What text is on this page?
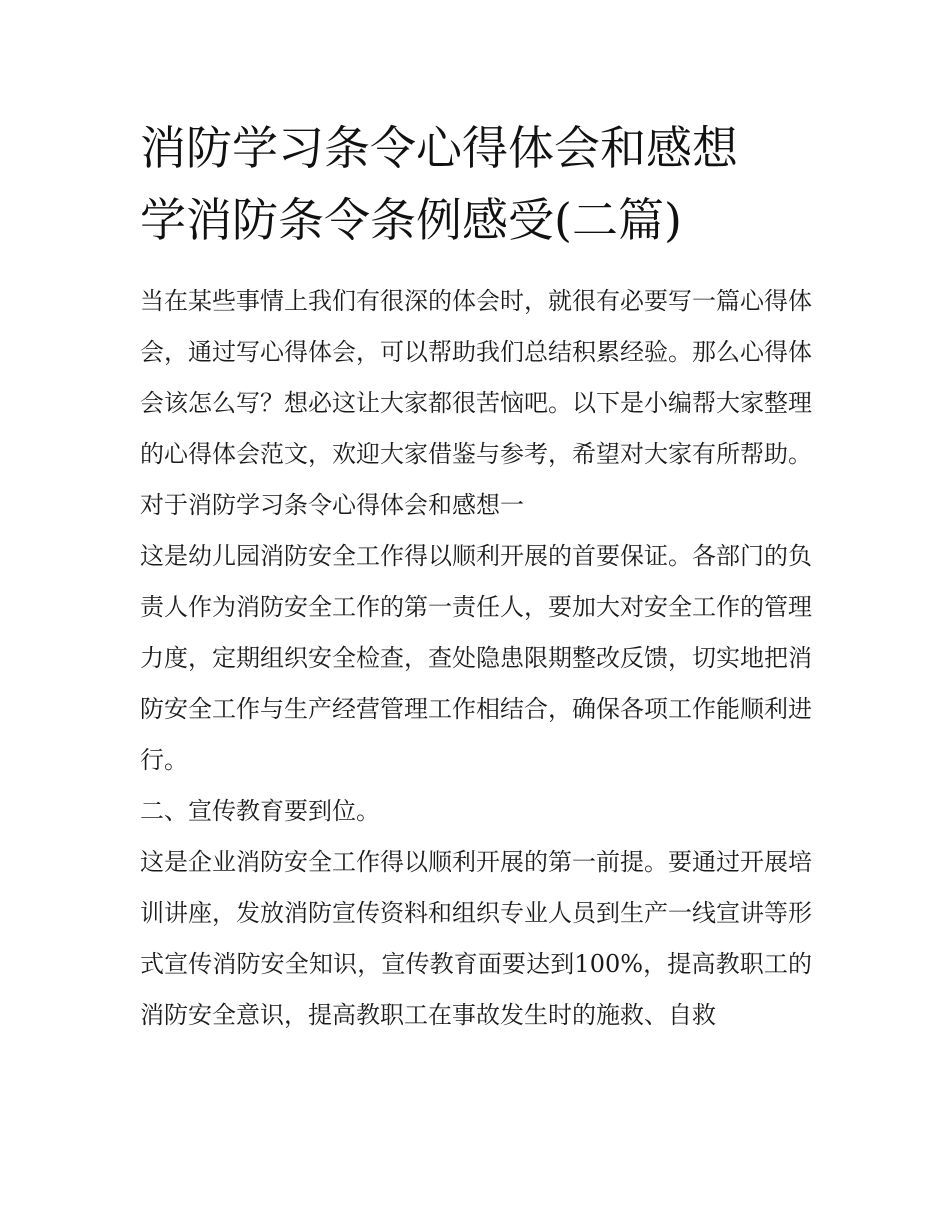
消防学习条令心得体会和感想
学消防条令条例感受(二篇)

当在某些事情上我们有很深的体会时，就很有必要写一篇心得体会，通过写心得体会，可以帮助我们总结积累经验。那么心得体会该怎么写？想必这让大家都很苦恼吧。以下是小编帮大家整理的心得体会范文，欢迎大家借鉴与参考，希望对大家有所帮助。

对于消防学习条令心得体会和感想一

这是幼儿园消防安全工作得以顺利开展的首要保证。各部门的负责人作为消防安全工作的第一责任人，要加大对安全工作的管理力度，定期组织安全检查，查处隐患限期整改反馈，切实地把消防安全工作与生产经营管理工作相结合，确保各项工作能顺利进行。

二、宣传教育要到位。

这是企业消防安全工作得以顺利开展的第一前提。要通过开展培训讲座，发放消防宣传资料和组织专业人员到生产一线宣讲等形式宣传消防安全知识，宣传教育面要达到100%，提高教职工的消防安全意识，提高教职工在事故发生时的施救、自救
